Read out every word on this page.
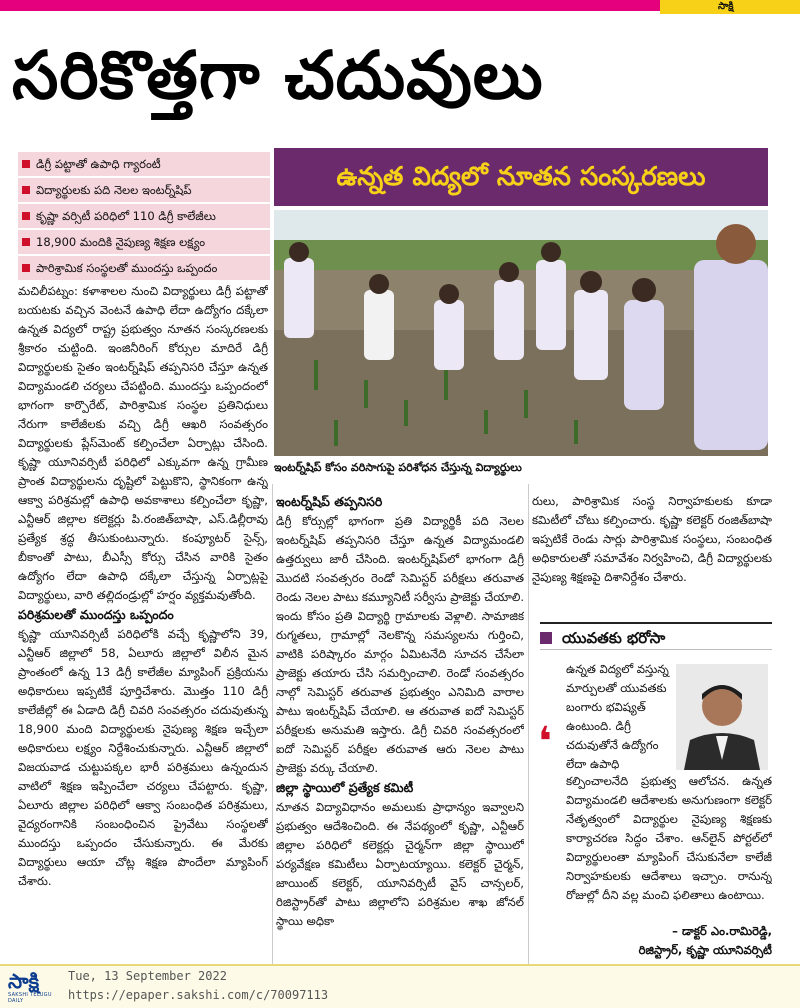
సాక్షి
సరికొత్తగా చదువులు
డిగ్రీ పట్టాతో ఉపాధి గ్యారంటీ
విద్యార్థులకు పది నెలల ఇంటర్న్‌షిప్
కృష్ణా వర్సిటీ పరిధిలో 110 డిగ్రీ కాలేజీలు
18,900 మందికి నైపుణ్య శిక్షణ లక్ష్యం
పారిశ్రామిక సంస్థలతో ముందస్తు ఒప్పందం
ఉన్నత విద్యలో నూతన సంస్కరణలు
ఇంటర్న్‌షిప్ కోసం వరిసాగుపై పరిశోధన చేస్తున్న విద్యార్థులు

మచిలీపట్నం: కళాశాలల నుంచి విద్యార్థులు డిగ్రీ పట్టాతో బయటకు వచ్చిన వెంటనే ఉపాధి లేదా ఉద్యోగం దక్కేలా ఉన్నత విద్యలో రాష్ట్ర ప్రభుత్వం నూతన సంస్కరణలకు శ్రీకారం చుట్టింది. ఇంజినీరింగ్ కోర్సుల మాదిరే డిగ్రీ విద్యార్థులకు సైతం ఇంటర్న్‌షిప్ తప్పనిసరి చేస్తూ ఉన్నత విద్యామండలి చర్యలు చేపట్టింది. ముందస్తు ఒప్పందంలో భాగంగా కార్పొరేట్, పారిశ్రామిక సంస్థల ప్రతినిధులు నేరుగా కాలేజీలకు వచ్చి డిగ్రీ ఆఖరి సంవత్సరం విద్యార్థులకు ప్లేస్‌మెంట్ కల్పించేలా ఏర్పాట్లు చేసింది. కృష్ణా యూనివర్సిటీ పరిధిలో ఎక్కువగా ఉన్న గ్రామీణ ప్రాంత విద్యార్థులను దృష్టిలో పెట్టుకొని, స్థానికంగా ఉన్న ఆక్వా పరిశ్రమల్లో ఉపాధి అవకాశాలు కల్పించేలా కృష్ణా, ఎన్టీఆర్ జిల్లాల కలెక్టర్లు పి.రంజిత్‌బాషా, ఎస్.డిల్లీరావు ప్రత్యేక శ్రద్ధ తీసుకుంటున్నారు. కంప్యూటర్ సైన్స్, బీకాంతో పాటు, బీఎస్సీ కోర్సు చేసిన వారికి సైతం ఉద్యోగం లేదా ఉపాధి దక్కేలా చేస్తున్న ఏర్పాట్లపై విద్యార్థులు, వారి తల్లిదండ్రుల్లో హర్షం వ్యక్తమవుతోంది.

పరిశ్రమలతో ముందస్తు ఒప్పందం

కృష్ణా యూనివర్సిటీ పరిధిలోకి వచ్చే కృష్ణాలోని 39, ఎన్టీఆర్ జిల్లాలో 58, ఏలూరు జిల్లాలో విలీన మైన ప్రాంతంలో ఉన్న 13 డిగ్రీ కాలేజీల మ్యాపింగ్ ప్రక్రియను అధికారులు ఇప్పటికే పూర్తిచేశారు. మొత్తం 110 డిగ్రీ కాలేజీల్లో ఈ ఏడాది డిగ్రీ చివరి సంవత్సరం చదువుతున్న 18,900 మంది విద్యార్థులకు నైపుణ్య శిక్షణ ఇచ్చేలా అధికారులు లక్ష్యం నిర్దేశించుకున్నారు. ఎన్టీఆర్ జిల్లాలో విజయవాడ చుట్టుపక్కల భారీ పరిశ్రమలు ఉన్నందున వాటిలో శిక్షణ ఇప్పించేలా చర్యలు చేపట్టారు. కృష్ణా, ఏలూరు జిల్లాల పరిధిలో ఆక్వా సంబంధిత పరిశ్రమలు, వైద్యరంగానికి సంబంధించిన ప్రైవేటు సంస్థలతో ముందస్తు ఒప్పందం చేసుకున్నారు. ఈ మేరకు విద్యార్థులు ఆయా చోట్ల శిక్షణ పొందేలా మ్యాపింగ్ చేశారు.

ఇంటర్న్‌షిప్ తప్పనిసరి

డిగ్రీ కోర్సుల్లో భాగంగా ప్రతి విద్యార్థికీ పది నెలల ఇంటర్న్‌షిప్ తప్పనిసరి చేస్తూ ఉన్నత విద్యామండలి ఉత్తర్వులు జారీ చేసింది. ఇంటర్న్‌షిప్‌లో భాగంగా డిగ్రీ మొదటి సంవత్సరం రెండో సెమిస్టర్ పరీక్షలు తరువాత రెండు నెలల పాటు కమ్యూనిటీ సర్వీసు ప్రాజెక్టు చేయాలి. ఇందు కోసం ప్రతి విద్యార్థి గ్రామాలకు వెళ్లాలి. సామాజిక రుగ్మతలు, గ్రామాల్లో నెలకొన్న సమస్యలను గుర్తించి, వాటికి పరిష్కారం మార్గం ఏమిటనేది సూచన చేసేలా ప్రాజెక్టు తయారు చేసి సమర్పించాలి. రెండో సంవత్సరం నాల్గో సెమిస్టర్ తరువాత ప్రభుత్వం ఎనిమిది వారాల పాటు ఇంటర్న్‌షిప్ చేయాలి. ఆ తరువాత ఐదో సెమిస్టర్ పరీక్షలకు అనుమతి ఇస్తారు. డిగ్రీ చివరి సంవత్సరంలో ఐదో సెమిస్టర్ పరీక్షల తరువాత ఆరు నెలల పాటు ప్రాజెక్టు వర్కు చేయాలి.

జిల్లా స్థాయిలో ప్రత్యేక కమిటీ

నూతన విద్యావిధానం అమలుకు ప్రాధాన్యం ఇవ్వాలని ప్రభుత్వం ఆదేశించింది. ఈ నేపథ్యంలో కృష్ణా, ఎన్టీఆర్ జిల్లాల పరిధిలో కలెక్టర్లు చైర్మన్‌గా జిల్లా స్థాయిలో పర్యవేక్షణ కమిటీలు ఏర్పాటయ్యాయి. కలెక్టర్ చైర్మన్, జాయింట్ కలెక్టర్, యూనివర్సిటీ వైస్ చాన్సలర్, రిజిస్ట్రార్‌తో పాటు జిల్లాలోని పరిశ్రమల శాఖ జోనల్ స్థాయి అధికా

రులు, పారిశ్రామిక సంస్థ నిర్వాహకులకు కూడా కమిటీలో చోటు కల్పించారు. కృష్ణా కలెక్టర్ రంజిత్‌బాషా ఇప్పటికే రెండు సార్లు పారిశ్రామిక సంస్థలు, సంబంధిత అధికారులతో సమావేశం నిర్వహించి, డిగ్రీ విద్యార్థులకు నైపుణ్య శిక్షణపై దిశానిర్దేశం చేశారు.

యువతకు భరోసా
ఉన్నత విద్యలో వస్తున్న మార్పులతో యువతకు బంగారు భవిష్యత్ ఉంటుంది. డిగ్రీ చదువుతోనే ఉద్యోగం లేదా ఉపాధి
❛

కల్పించాలనేది ప్రభుత్వ ఆలోచన. ఉన్నత విద్యామండలి ఆదేశాలకు అనుగుణంగా కలెక్టర్ నేతృత్వంలో విద్యార్థుల నైపుణ్య శిక్షణకు కార్యాచరణ సిద్ధం చేశాం. ఆన్‌లైన్ పోర్టల్‌లో విద్యార్థులంతా మ్యాపింగ్ చేసుకునేలా కాలేజీ నిర్వాహకులకు ఆదేశాలు ఇచ్చాం. రానున్న రోజుల్లో దీని వల్ల మంచి ఫలితాలు ఉంటాయి.

– డాక్టర్ ఎం.రామిరెడ్డి,
రిజిస్ట్రార్, కృష్ణా యూనివర్సిటీ
సాక్షి
SAKSHI TELUGU DAILY
Tue, 13 September 2022
https://epaper.sakshi.com/c/70097113
